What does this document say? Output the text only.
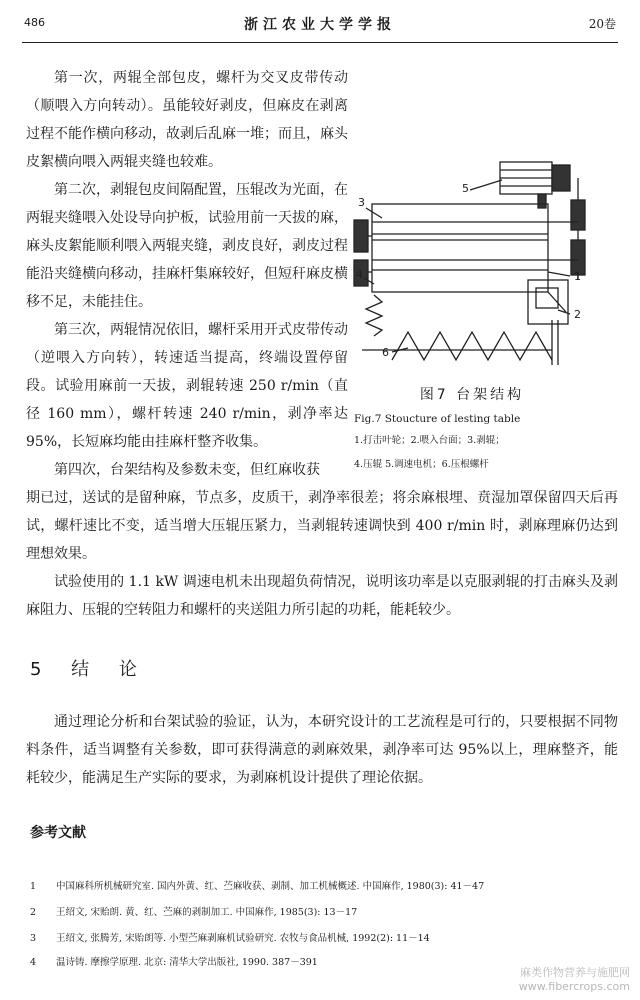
486	浙江农业大学学报	20卷

第一次，两辊全部包皮，螺杆为交叉皮带传动（顺喂入方向转动）。虽能较好剥皮，但麻皮在剥离过程不能作横向移动，故剥后乱麻一堆；而且，麻头皮絮横向喂入两辊夹缝也较难。

第二次，剥辊包皮间隔配置，压辊改为光面，在两辊夹缝喂入处设导向护板，试验用前一天拔的麻，麻头皮絮能顺利喂入两辊夹缝，剥皮良好，剥皮过程能沿夹缝横向移动，挂麻杆集麻较好，但短秆麻皮横移不足，未能挂住。

第三次，两辊情况依旧，螺杆采用开式皮带传动（逆喂入方向转），转速适当提高，终端设置停留段。试验用麻前一天拔，剥辊转速 250 r/min（直径 160 mm），螺杆转速 240 r/min，剥净率达 95%，长短麻均能由挂麻杆整齐收集。

第四次，台架结构及参数未变，但红麻收获

期已过，送试的是留种麻，节点多，皮质干，剥净率很差；将余麻根埋、贲湿加罩保留四天后再试，螺杆速比不变，适当增大压辊压紧力，当剥辊转速调快到 400 r/min 时，剥麻理麻仍达到理想效果。

试验使用的 1.1 kW 调速电机未出现超负荷情况，说明该功率是以克服剥辊的打击麻头及剥麻阻力、压辊的空转阻力和螺杆的夹送阻力所引起的功耗，能耗较少。

5 结 论

通过理论分析和台架试验的验证，认为，本研究设计的工艺流程是可行的，只要根据不同物料条件，适当调整有关参数，即可获得满意的剥麻效果，剥净率可达 95%以上，理麻整齐，能耗较少，能满足生产实际的要求，为剥麻机设计提供了理论依据。

3
5
1
2
4
6
图7 台架结构
Fig.7 Stoucture of lesting table
1.打击叶轮；2.喂入台面；3.剥辊；
4.压辊 5.调速电机；6.压根螺杆
参考文献
1 中国麻科所机械研究室. 国内外黄、红、苎麻收获、剥制、加工机械概述. 中国麻作, 1980(3): 41－47
2 王绍文, 宋贻朗. 黄、红、苎麻的剥制加工. 中国麻作, 1985(3): 13－17
3 王绍文, 张腾芳, 宋贻朗等. 小型苎麻剥麻机试验研究. 农牧与食品机械, 1992(2): 11－14
4 温诗铸. 摩擦学原理. 北京: 清华大学出版社, 1990. 387－391
麻类作物营养与施肥网
www.fibercrops.com
